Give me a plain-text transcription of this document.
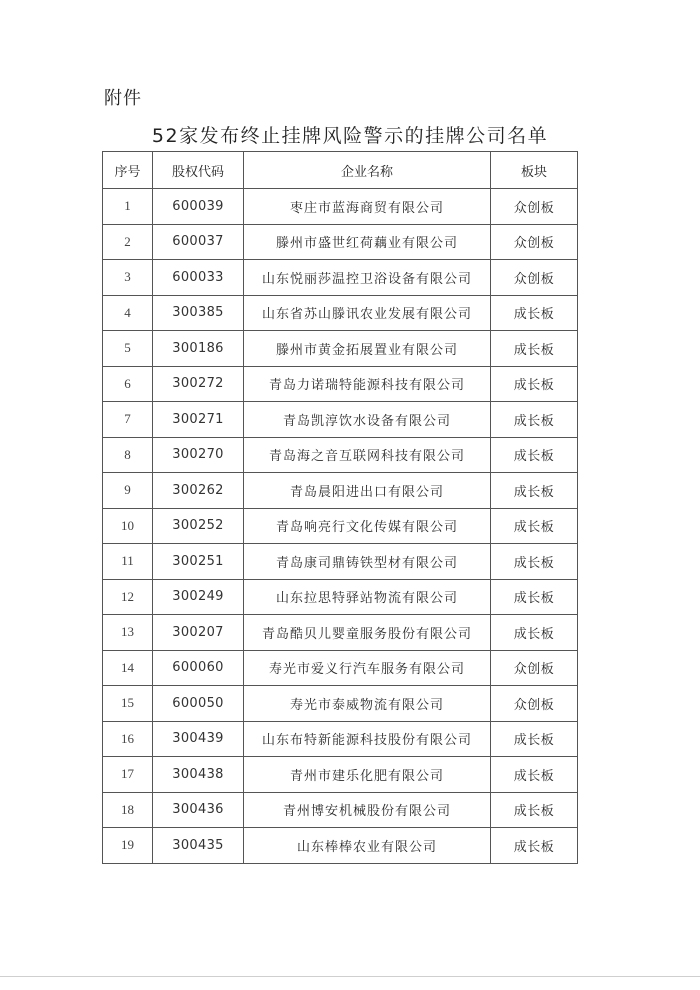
附件
52家发布终止挂牌风险警示的挂牌公司名单
序号	股权代码	企业名称	板块
1	600039	枣庄市蓝海商贸有限公司	众创板
2	600037	滕州市盛世红荷藕业有限公司	众创板
3	600033	山东悦丽莎温控卫浴设备有限公司	众创板
4	300385	山东省苏山滕讯农业发展有限公司	成长板
5	300186	滕州市黄金拓展置业有限公司	成长板
6	300272	青岛力诺瑞特能源科技有限公司	成长板
7	300271	青岛凯淳饮水设备有限公司	成长板
8	300270	青岛海之音互联网科技有限公司	成长板
9	300262	青岛晨阳进出口有限公司	成长板
10	300252	青岛响亮行文化传媒有限公司	成长板
11	300251	青岛康司鼎铸铁型材有限公司	成长板
12	300249	山东拉思特驿站物流有限公司	成长板
13	300207	青岛酷贝儿婴童服务股份有限公司	成长板
14	600060	寿光市爱义行汽车服务有限公司	众创板
15	600050	寿光市泰威物流有限公司	众创板
16	300439	山东布特新能源科技股份有限公司	成长板
17	300438	青州市建乐化肥有限公司	成长板
18	300436	青州博安机械股份有限公司	成长板
19	300435	山东棒棒农业有限公司	成长板
